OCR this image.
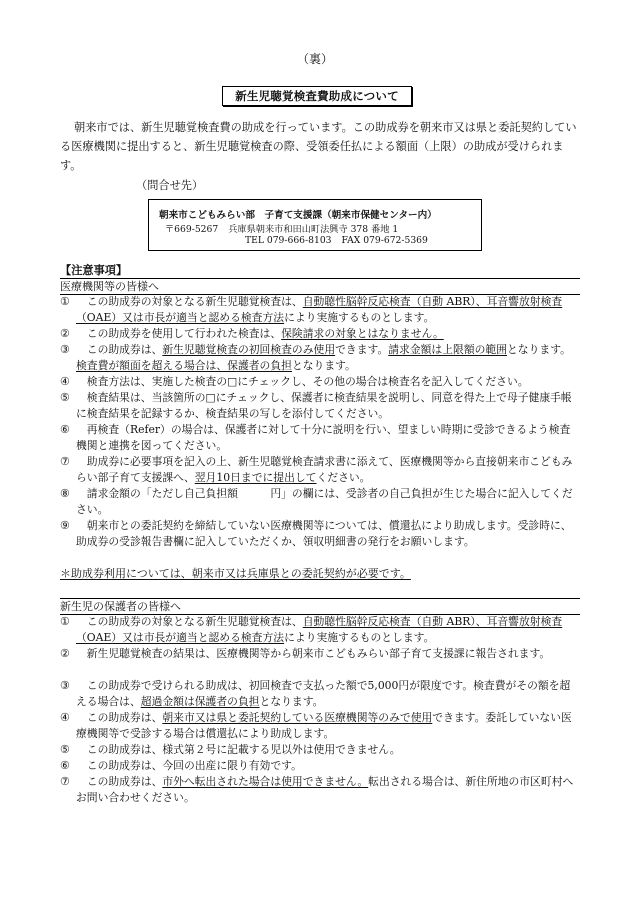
（裏）
新生児聴覚検査費助成について
朝来市では、新生児聴覚検査費の助成を行っています。この助成券を朝来市又は県と委託契約している医療機関に提出すると、新生児聴覚検査の際、受領委任払による額面（上限）の助成が受けられます。
（問合せ先）
朝来市こどもみらい部　子育て支援課（朝来市保健センター内）
〒669-5267 兵庫県朝来市和田山町法興寺 378 番地 1
TEL 079-666-8103 FAX 079-672-5369
【注意事項】
医療機関等の皆様へ
① 　この助成券の対象となる新生児聴覚検査は、自動聴性脳幹反応検査（自動 ABR）、耳音響放射検査（OAE）又は市長が適当と認める検査方法により実施するものとします。
② 　この助成券を使用して行われた検査は、保険請求の対象とはなりません。
③ 　この助成券は、新生児聴覚検査の初回検査のみ使用できます。請求金額は上限額の範囲となります。検査費が額面を超える場合は、保護者の負担となります。
④ 　検査方法は、実施した検査の□にチェックし、その他の場合は検査名を記入してください。
⑤ 　検査結果は、当該箇所の□にチェックし、保護者に検査結果を説明し、同意を得た上で母子健康手帳に検査結果を記録するか、検査結果の写しを添付してください。
⑥ 　再検査（Refer）の場合は、保護者に対して十分に説明を行い、望ましい時期に受診できるよう検査機関と連携を図ってください。
⑦ 　助成券に必要事項を記入の上、新生児聴覚検査請求書に添えて、医療機関等から直接朝来市こどもみらい部子育て支援課へ、翌月10日までに提出してください。
⑧ 　請求金額の「ただし自己負担額　　　円」の欄には、受診者の自己負担が生じた場合に記入してください。
⑨ 　朝来市との委託契約を締結していない医療機関等については、償還払により助成します。受診時に、助成券の受診報告書欄に記入していただくか、領収明細書の発行をお願いします。
＊助成券利用については、朝来市又は兵庫県との委託契約が必要です。
新生児の保護者の皆様へ
① 　この助成券の対象となる新生児聴覚検査は、自動聴性脳幹反応検査（自動 ABR）、耳音響放射検査（OAE）又は市長が適当と認める検査方法により実施するものとします。
② 　新生児聴覚検査の結果は、医療機関等から朝来市こどもみらい部子育て支援課に報告されます。
③ 　この助成券で受けられる助成は、初回検査で支払った額で5,000円が限度です。検査費がその額を超える場合は、超過金額は保護者の負担となります。
④ 　この助成券は、朝来市又は県と委託契約している医療機関等のみで使用できます。委託していない医療機関等で受診する場合は償還払により助成します。
⑤ 　この助成券は、様式第２号に記載する児以外は使用できません。
⑥ 　この助成券は、今回の出産に限り有効です。
⑦ 　この助成券は、市外へ転出された場合は使用できません。転出される場合は、新住所地の市区町村へお問い合わせください。
